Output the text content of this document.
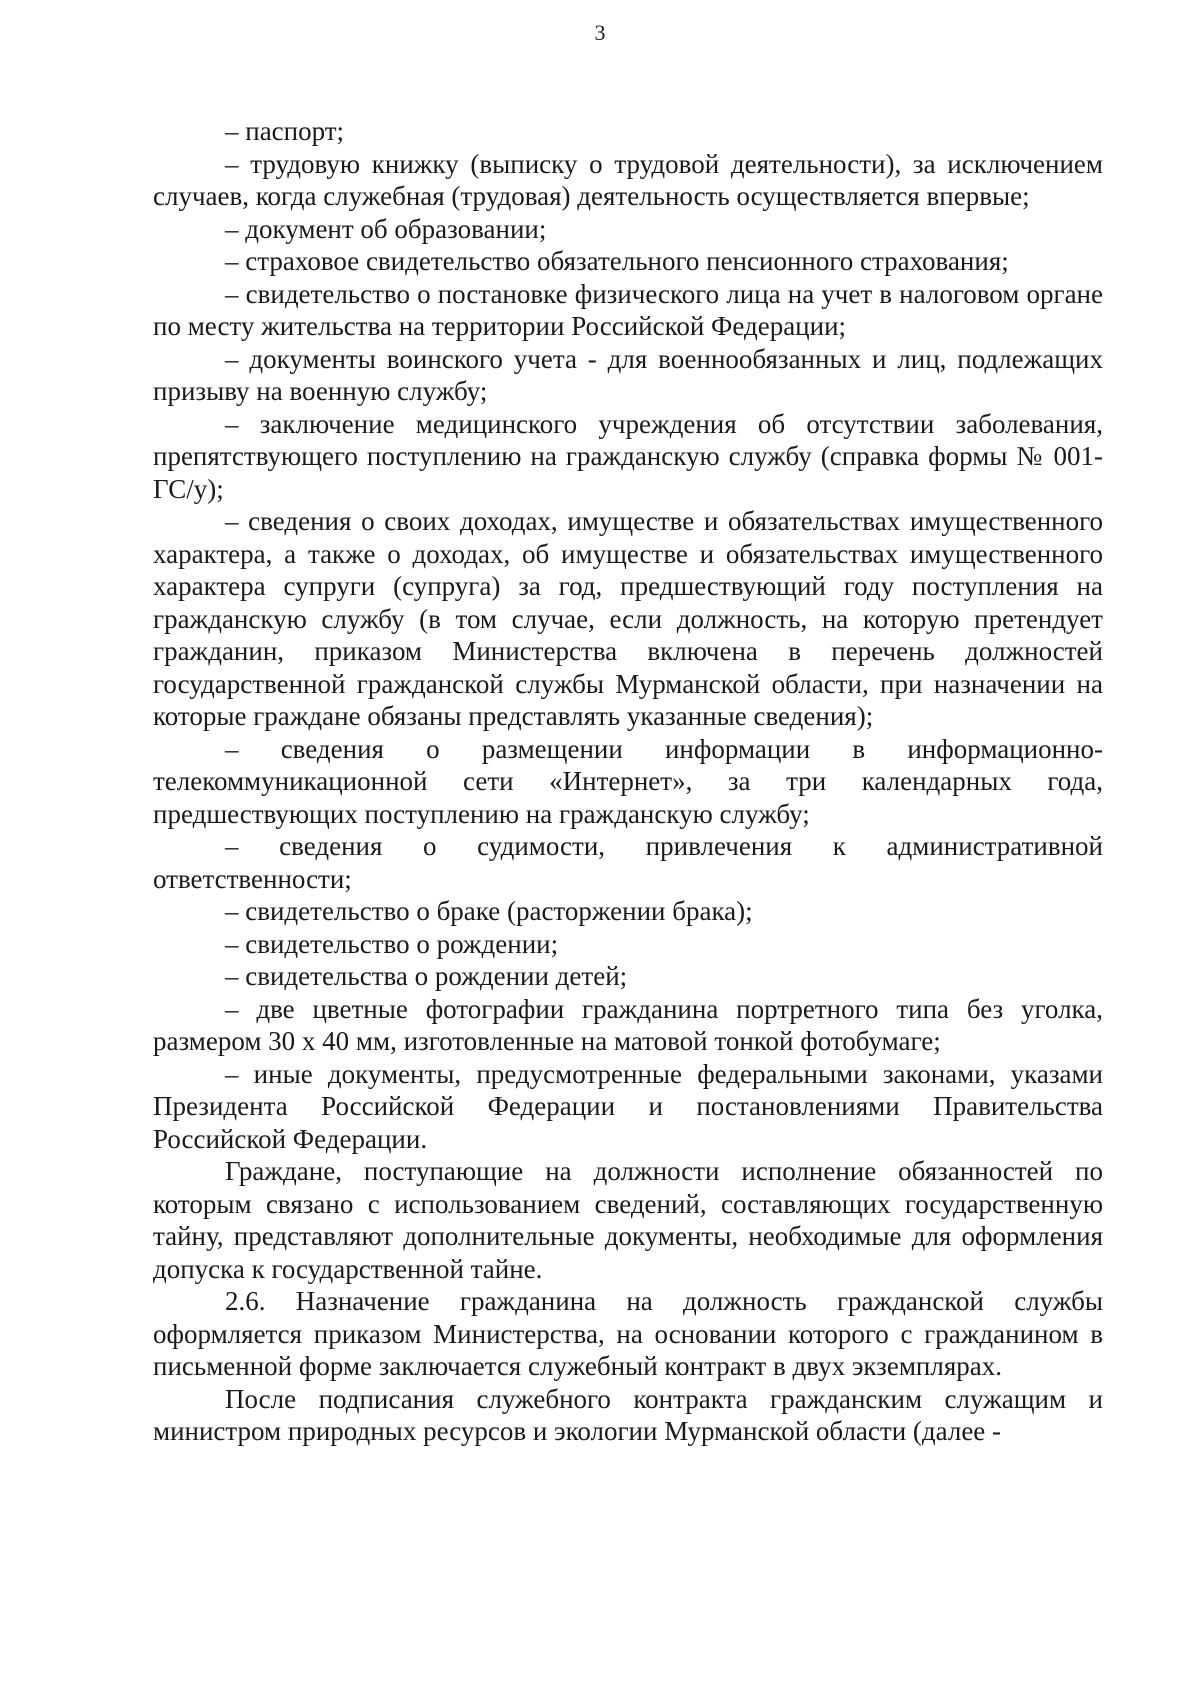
3

– паспорт;

– трудовую книжку (выписку о трудовой деятельности), за исключением случаев, когда служебная (трудовая) деятельность осуществляется впервые;

– документ об образовании;

– страховое свидетельство обязательного пенсионного страхования;

– свидетельство о постановке физического лица на учет в налоговом органе по месту жительства на территории Российской Федерации;

– документы воинского учета - для военнообязанных и лиц, подлежащих призыву на военную службу;

– заключение медицинского учреждения об отсутствии заболевания, препятствующего поступлению на гражданскую службу (справка формы № 001-ГС/у);

– сведения о своих доходах, имуществе и обязательствах имущественного характера, а также о доходах, об имуществе и обязательствах имущественного характера супруги (супруга) за год, предшествующий году поступления на гражданскую службу (в том случае, если должность, на которую претендует гражданин, приказом Министерства включена в перечень должностей государственной гражданской службы Мурманской области, при назначении на которые граждане обязаны представлять указанные сведения);

– сведения о размещении информации в информационно-телекоммуникационной сети «Интернет», за три календарных года, предшествующих поступлению на гражданскую службу;

– сведения о судимости, привлечения к административной ответственности;

– свидетельство о браке (расторжении брака);

– свидетельство о рождении;

– свидетельства о рождении детей;

– две цветные фотографии гражданина портретного типа без уголка, размером 30 х 40 мм, изготовленные на матовой тонкой фотобумаге;

– иные документы, предусмотренные федеральными законами, указами Президента Российской Федерации и постановлениями Правительства Российской Федерации.

Граждане, поступающие на должности исполнение обязанностей по которым связано с использованием сведений, составляющих государственную тайну, представляют дополнительные документы, необходимые для оформления допуска к государственной тайне.

2.6. Назначение гражданина на должность гражданской службы оформляется приказом Министерства, на основании которого с гражданином в письменной форме заключается служебный контракт в двух экземплярах.

После подписания служебного контракта гражданским служащим и министром природных ресурсов и экологии Мурманской области (далее -
